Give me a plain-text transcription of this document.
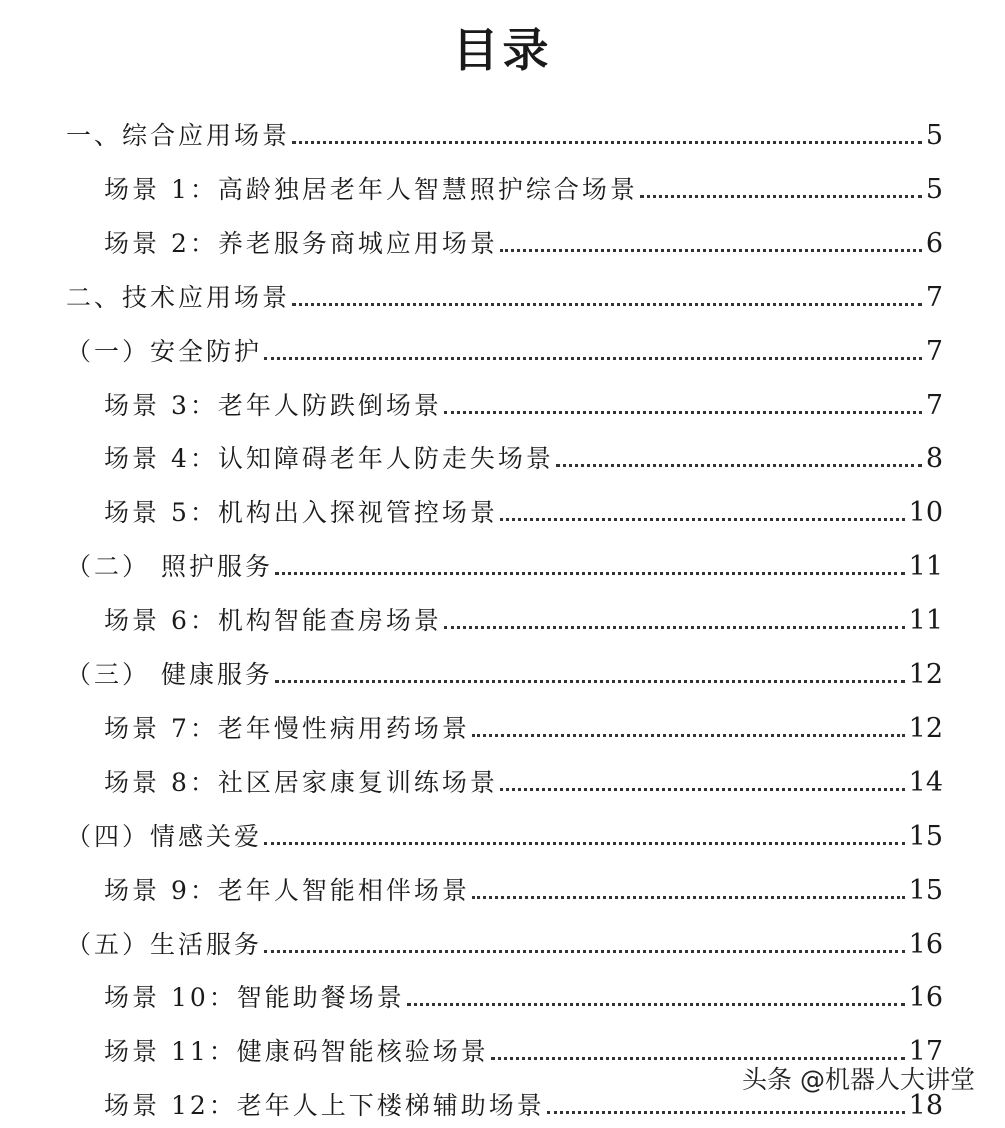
目录
一、综合应用场景	5
场景 1：高龄独居老年人智慧照护综合场景	5
场景 2：养老服务商城应用场景	6
二、技术应用场景	7
（一）安全防护	7
场景 3：老年人防跌倒场景	7
场景 4：认知障碍老年人防走失场景	8
场景 5：机构出入探视管控场景	10
（二） 照护服务	11
场景 6：机构智能查房场景	11
（三） 健康服务	12
场景 7：老年慢性病用药场景	12
场景 8：社区居家康复训练场景	14
（四）情感关爱	15
场景 9：老年人智能相伴场景	15
（五）生活服务	16
场景 10：智能助餐场景	16
场景 11：健康码智能核验场景	17
场景 12：老年人上下楼梯辅助场景	18
头条 @机器人大讲堂
